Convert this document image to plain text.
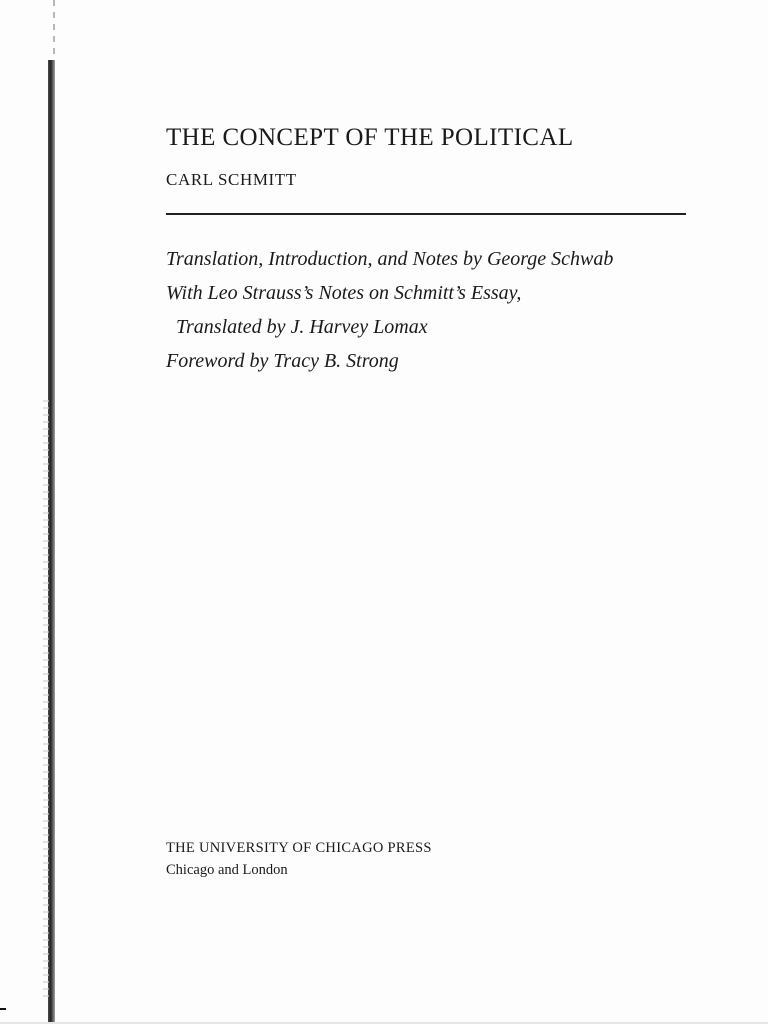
THE CONCEPT OF THE POLITICAL
CARL SCHMITT
Translation, Introduction, and Notes by George Schwab
With Leo Strauss’s Notes on Schmitt’s Essay,
Translated by J. Harvey Lomax
Foreword by Tracy B. Strong
THE UNIVERSITY OF CHICAGO PRESS
Chicago and London
